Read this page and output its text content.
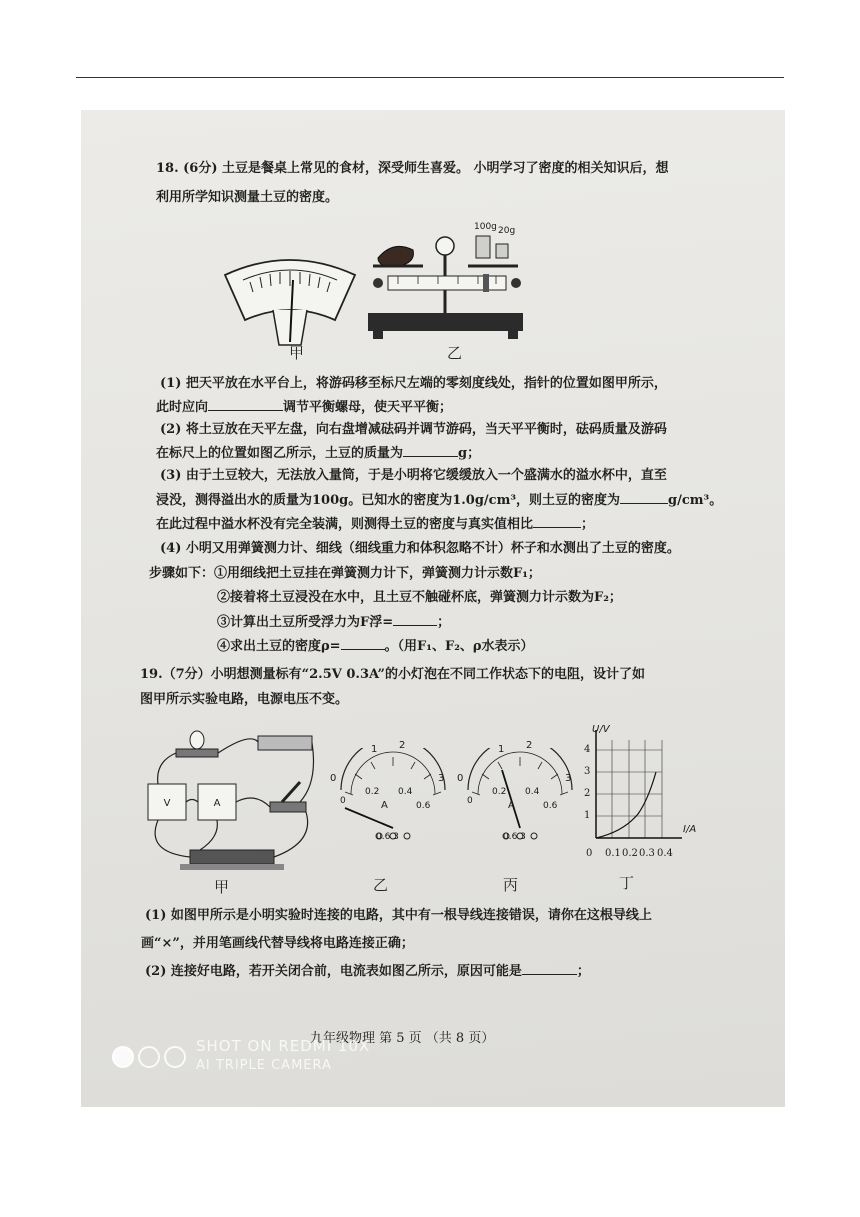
18. (6分) 土豆是餐桌上常见的食材，深受师生喜爱。 小明学习了密度的相关知识后，想
利用所学知识测量土豆的密度。
甲
100g 20g
乙
(1) 把天平放在水平台上，将游码移至标尺左端的零刻度线处，指针的位置如图甲所示，
此时应向	调节平衡螺母，使天平平衡；
(2) 将土豆放在天平左盘，向右盘增减砝码并调节游码，当天平平衡时，砝码质量及游码
在标尺上的位置如图乙所示，土豆的质量为	g；
(3) 由于土豆较大，无法放入量筒，于是小明将它缓缓放入一个盛满水的溢水杯中，直至
浸没，测得溢出水的质量为100g。已知水的密度为1.0g/cm³，则土豆的密度为	g/cm³。
在此过程中溢水杯没有完全装满，则测得土豆的密度与真实值相比	；
(4) 小明又用弹簧测力计、细线（细线重力和体积忽略不计）杯子和水测出了土豆的密度。
步骤如下：①用细线把土豆挂在弹簧测力计下，弹簧测力计示数F₁；
②接着将土豆浸没在水中，且土豆不触碰杯底，弹簧测力计示数为F₂；
③计算出土豆所受浮力为F浮=	；
④求出土豆的密度ρ=	。（用F₁、F₂、ρ水表示）
19.（7分）小明想测量标有“2.5V 0.3A”的小灯泡在不同工作状态下的电阻，设计了如
图甲所示实验电路，电源电压不变。
V	A
甲
0
1 2
3
0
0.2 0.4
0.6
A
0.6 3
乙
0
1 2
3
0
0.2 0.4
0.6
A
0.6 3
丙
U/V
I/A
1
2
3
4
0 0.1 0.2 0.3 0.4
丁
(1) 如图甲所示是小明实验时连接的电路，其中有一根导线连接错误，请你在这根导线上
画“×”，并用笔画线代替导线将电路连接正确；
(2) 连接好电路，若开关闭合前，电流表如图乙所示，原因可能是	；
九年级物理 第 5 页 （共 8 页）
SHOT ON REDMI 10X
AI TRIPLE CAMERA
